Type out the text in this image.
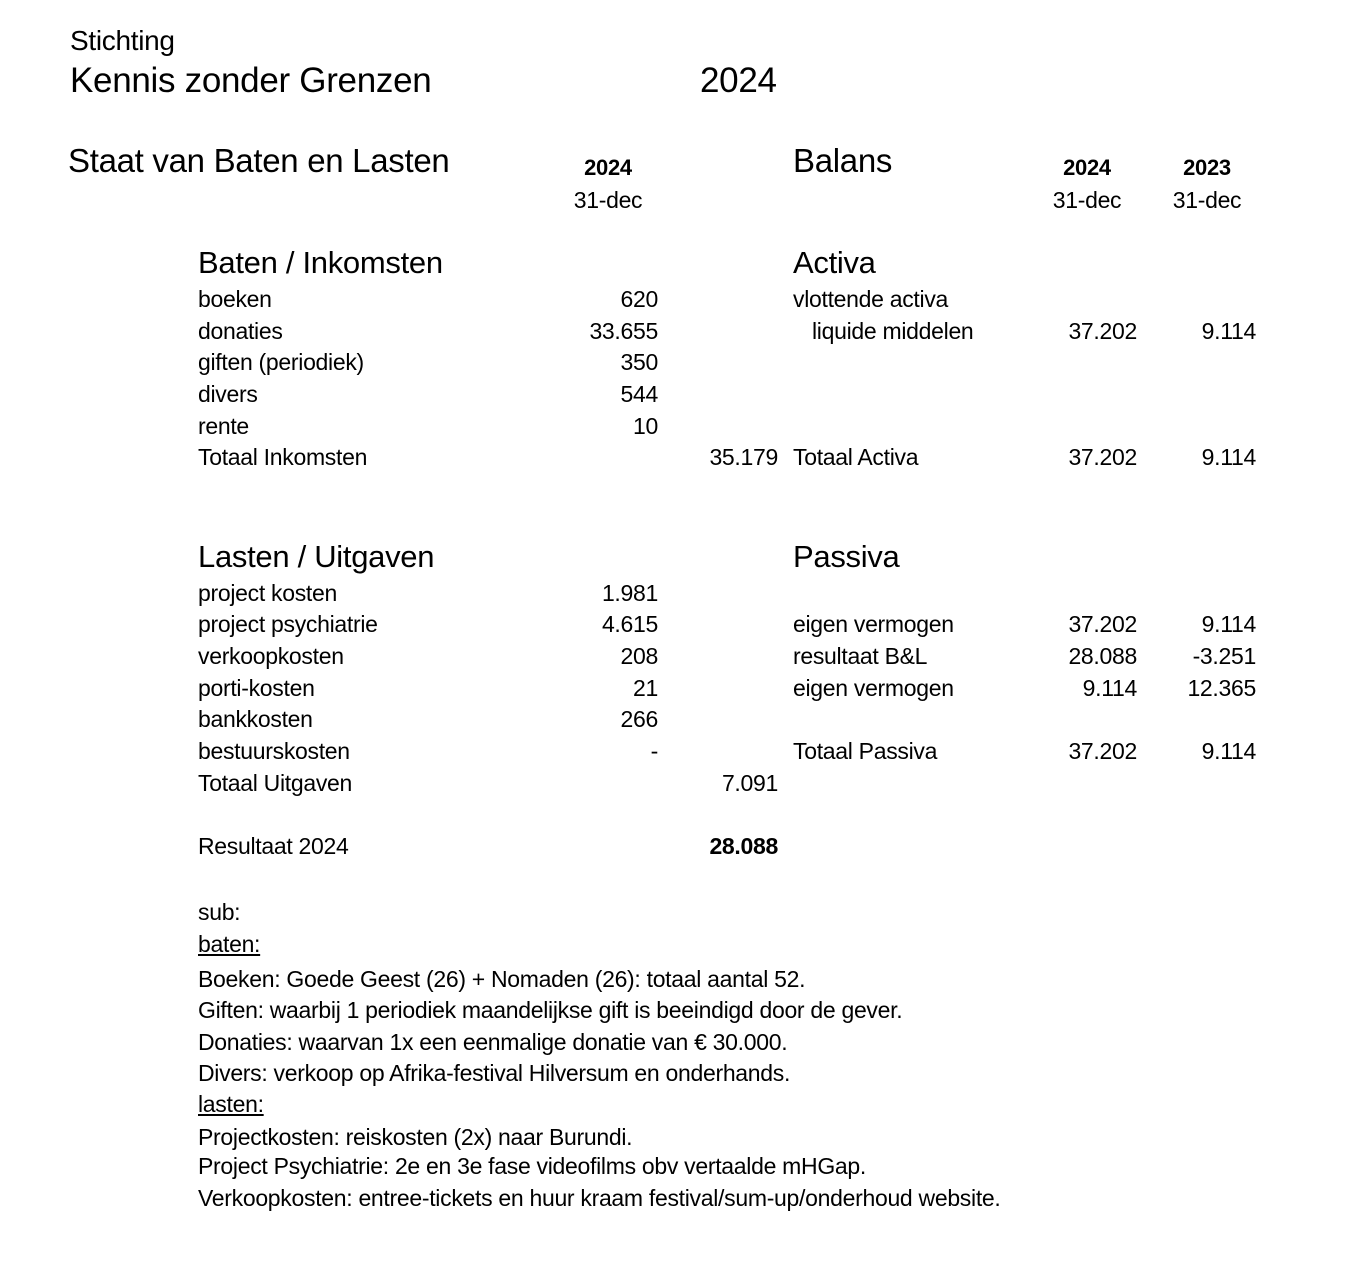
Stichting
Kennis zonder Grenzen	2024
Staat van Baten en Lasten	2024
31-dec
Baten / Inkomsten
boeken	620
donaties	33.655
giften (periodiek)	350
divers	544
rente	10
Totaal Inkomsten	35.179
Lasten / Uitgaven
project kosten	1.981
project psychiatrie	4.615
verkoopkosten	208
porti-kosten	21
bankkosten	266
bestuurskosten	-
Totaal Uitgaven	7.091
Resultaat 2024	28.088
Balans	2024	2023
31-dec	31-dec
Activa
vlottende activa
liquide middelen	37.202	9.114
Totaal Activa	37.202	9.114
Passiva
eigen vermogen	37.202	9.114
resultaat B&L	28.088	-3.251
eigen vermogen	9.114	12.365
Totaal Passiva	37.202	9.114
sub:
baten:
Boeken: Goede Geest (26) + Nomaden (26): totaal aantal 52.
Giften: waarbij 1 periodiek maandelijkse gift is beeindigd door de gever.
Donaties: waarvan 1x een eenmalige donatie van € 30.000.
Divers: verkoop op Afrika-festival Hilversum en onderhands.
lasten:
Projectkosten: reiskosten (2x) naar Burundi.
Project Psychiatrie: 2e en 3e fase videofilms obv vertaalde mHGap.
Verkoopkosten: entree-tickets en huur kraam festival/sum-up/onderhoud website.
